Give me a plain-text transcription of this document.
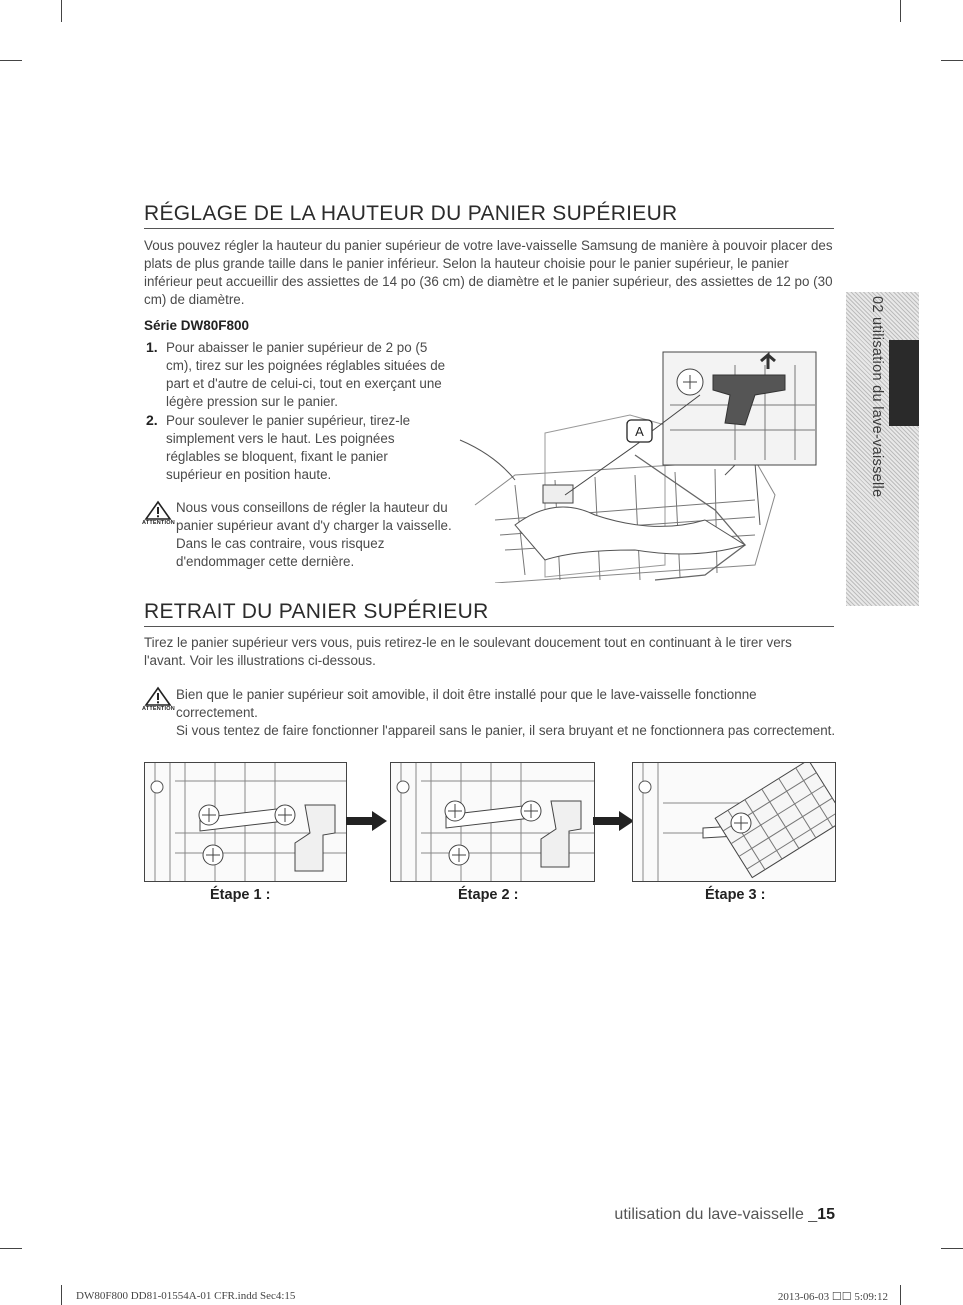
RÉGLAGE DE LA HAUTEUR DU PANIER SUPÉRIEUR

Vous pouvez régler la hauteur du panier supérieur de votre lave-vaisselle Samsung de manière à pouvoir placer des plats de plus grande taille dans le panier inférieur. Selon la hauteur choisie pour le panier supérieur, le panier inférieur peut accueillir des assiettes de 14 po (36 cm) de diamètre et le panier supérieur, des assiettes de 12 po (30 cm) de diamètre.

Série DW80F800
1. Pour abaisser le panier supérieur de 2 po (5 cm), tirez sur les poignées réglables situées de part et d'autre de celui-ci, tout en exerçant une légère pression sur le panier.

2. Pour soulever le panier supérieur, tirez-le simplement vers le haut. Les poignées réglables se bloquent, fixant le panier supérieur en position haute.

ATTENTION

Nous vous conseillons de régler la hauteur du panier supérieur avant d'y charger la vaisselle. Dans le cas contraire, vous risquez d'endommager cette dernière.

A
RETRAIT DU PANIER SUPÉRIEUR

Tirez le panier supérieur vers vous, puis retirez-le en le soulevant doucement tout en continuant à le tirer vers l'avant. Voir les illustrations ci-dessous.

ATTENTION

Bien que le panier supérieur soit amovible, il doit être installé pour que le lave-vaisselle fonctionne correctement.

Si vous tentez de faire fonctionner l'appareil sans le panier, il sera bruyant et ne fonctionnera pas correctement.

Étape 1 :	Étape 2 :	Étape 3 :
02 utilisation du lave-vaisselle
utilisation du lave-vaisselle _15
DW80F800 DD81-01554A-01 CFR.indd Sec4:15	2013-06-03 ☐☐ 5:09:12
